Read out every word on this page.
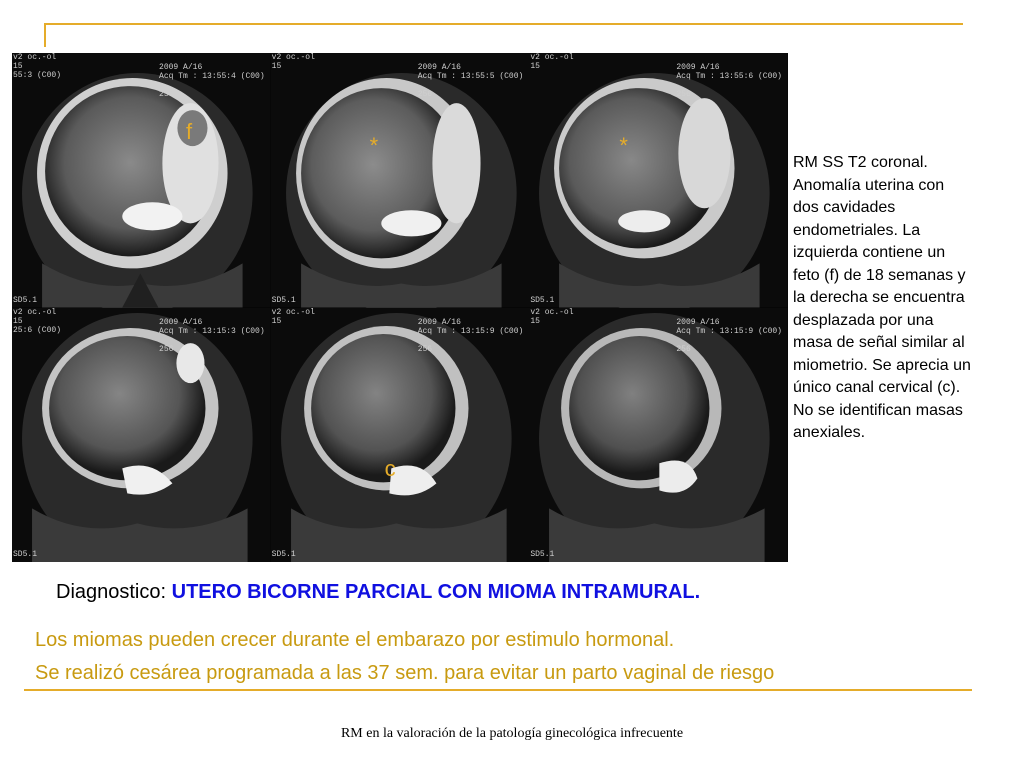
v2 oc.-ol
15
55:3 (C00)
2009 A/16
Acq Tm : 13:55:4 (C00)

256
SD5.1
f
v2 oc.-ol
15	2009 A/16
Acq Tm : 13:55:5 (C00)

256
SD5.1
*
v2 oc.-ol
15	2009 A/16
Acq Tm : 13:55:6 (C00)

256
SD5.1
*
v2 oc.-ol
15
25:6 (C00)
2009 A/16
Acq Tm : 13:15:3 (C00)

256
SD5.1
v2 oc.-ol
15	2009 A/16
Acq Tm : 13:15:9 (C00)

256
SD5.1
c
v2 oc.-ol
15	2009 A/16
Acq Tm : 13:15:9 (C00)

256
SD5.1
RM SS T2 coronal.
Anomalía uterina con
dos cavidades
endometriales. La
izquierda contiene un
feto (f) de 18 semanas y
la derecha se encuentra
desplazada por una
masa de señal similar al
miometrio. Se aprecia un
único canal cervical (c).
No se identifican masas
anexiales.
Diagnostico: UTERO BICORNE PARCIAL CON MIOMA INTRAMURAL.
Los miomas pueden crecer durante el embarazo por estimulo hormonal.
Se realizó cesárea programada a las 37 sem. para evitar un parto vaginal de riesgo
RM en la valoración de la patología ginecológica infrecuente
